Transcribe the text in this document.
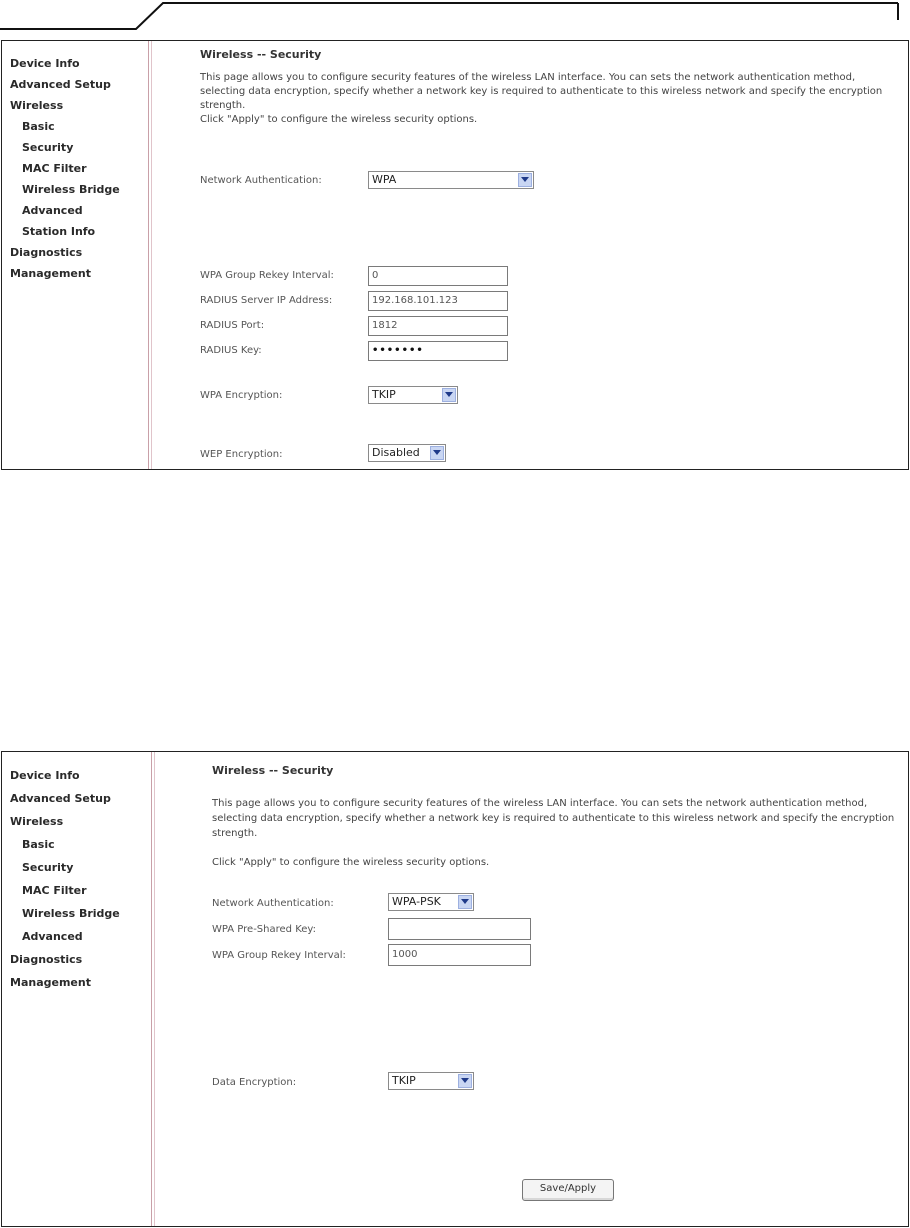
Device Info
Advanced Setup
Wireless
Basic
Security
MAC Filter
Wireless Bridge
Advanced
Station Info
Diagnostics
Management
Wireless -- Security

This page allows you to configure security features of the wireless LAN interface. You can sets the network authentication method, selecting data encryption, specify whether a network key is required to authenticate to this wireless network and specify the encryption strength.

Click "Apply" to configure the wireless security options.

Network Authentication:	WPA
WPA Group Rekey Interval:	0
RADIUS Server IP Address:	192.168.101.123
RADIUS Port:	1812
RADIUS Key:	•••••••
WPA Encryption:	TKIP
WEP Encryption:	Disabled
Device Info
Advanced Setup
Wireless
Basic
Security
MAC Filter
Wireless Bridge
Advanced
Diagnostics
Management
Wireless -- Security

This page allows you to configure security features of the wireless LAN interface. You can sets the network authentication method, selecting data encryption, specify whether a network key is required to authenticate to this wireless network and specify the encryption strength.

Click "Apply" to configure the wireless security options.

Network Authentication:	WPA-PSK
WPA Pre-Shared Key:
WPA Group Rekey Interval:	1000
Data Encryption:	TKIP
Save/Apply
